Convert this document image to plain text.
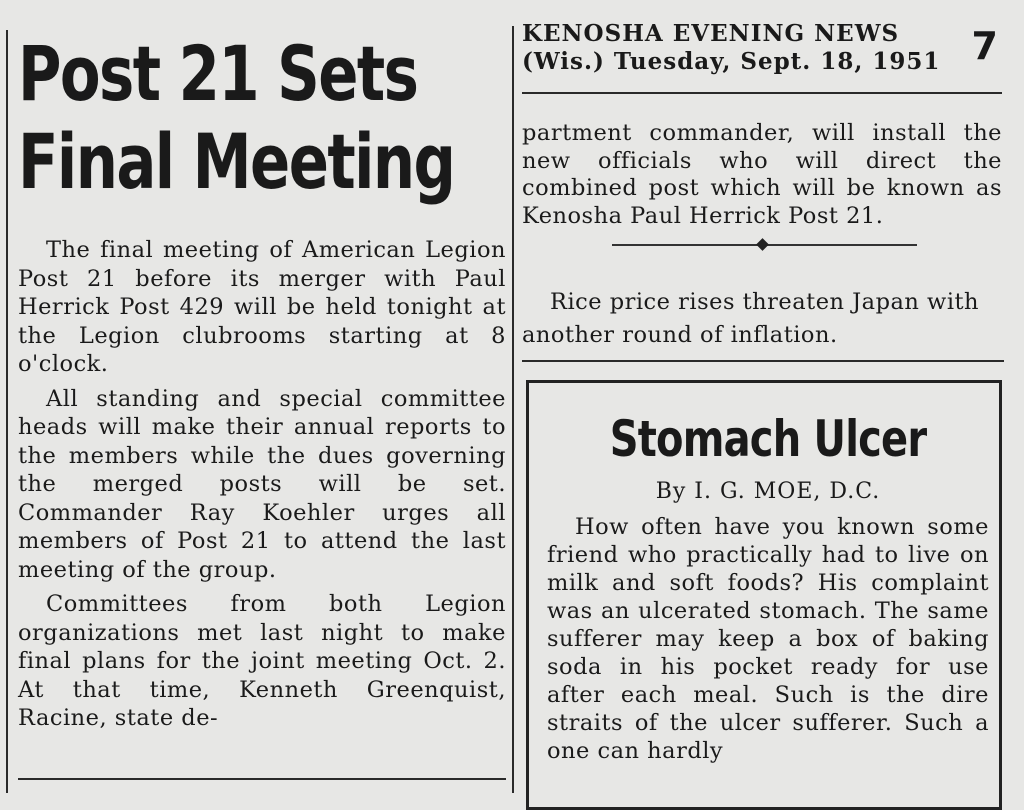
Post 21 Sets
Final Meeting

The final meeting of American Legion Post 21 before its merger with Paul Herrick Post 429 will be held tonight at the Legion clubrooms starting at 8 o'clock.

All standing and special committee heads will make their annual reports to the members while the dues governing the merged posts will be set. Commander Ray Koehler urges all members of Post 21 to attend the last meeting of the group.

Committees from both Legion organizations met last night to make final plans for the joint meeting Oct. 2. At that time, Kenneth Greenquist, Racine, state de-

KENOSHA EVENING NEWS
(Wis.) Tuesday, Sept. 18, 1951 7

partment commander, will install the new officials who will direct the combined post which will be known as Kenosha Paul Herrick Post 21.

Rice price rises threaten Japan with another round of inflation.

Stomach Ulcer
By I. G. MOE, D.C.

How often have you known some friend who practically had to live on milk and soft foods? His complaint was an ulcerated stomach. The same sufferer may keep a box of baking soda in his pocket ready for use after each meal. Such is the dire straits of the ulcer sufferer. Such a one can hardly
